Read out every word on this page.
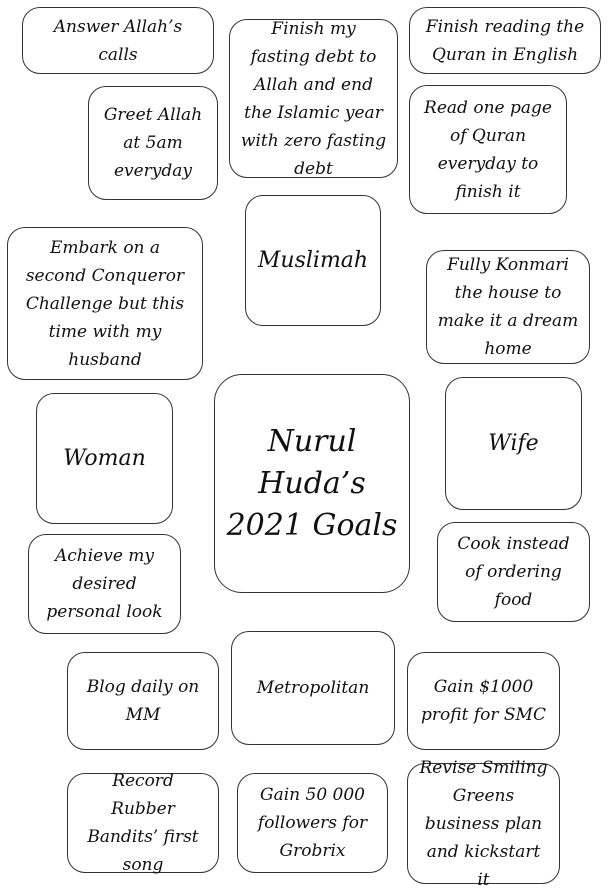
Answer Allah’s calls
Finish my fasting debt to Allah and end the Islamic year with zero fasting debt
Finish reading the Quran in English
Greet Allah at 5am everyday
Read one page of Quran everyday to finish it
Muslimah
Embark on a second Conqueror Challenge but this time with my husband
Fully Konmari the house to make it a dream home
Woman	Nurul Huda’s 2021 Goals
Wife
Achieve my desired personal look
Cook instead of ordering food
Blog daily on MM
Metropolitan	Gain $1000 profit for SMC
Record Rubber Bandits’ first song
Gain 50 000 followers for Grobrix
Revise Smiling Greens business plan and kickstart it
